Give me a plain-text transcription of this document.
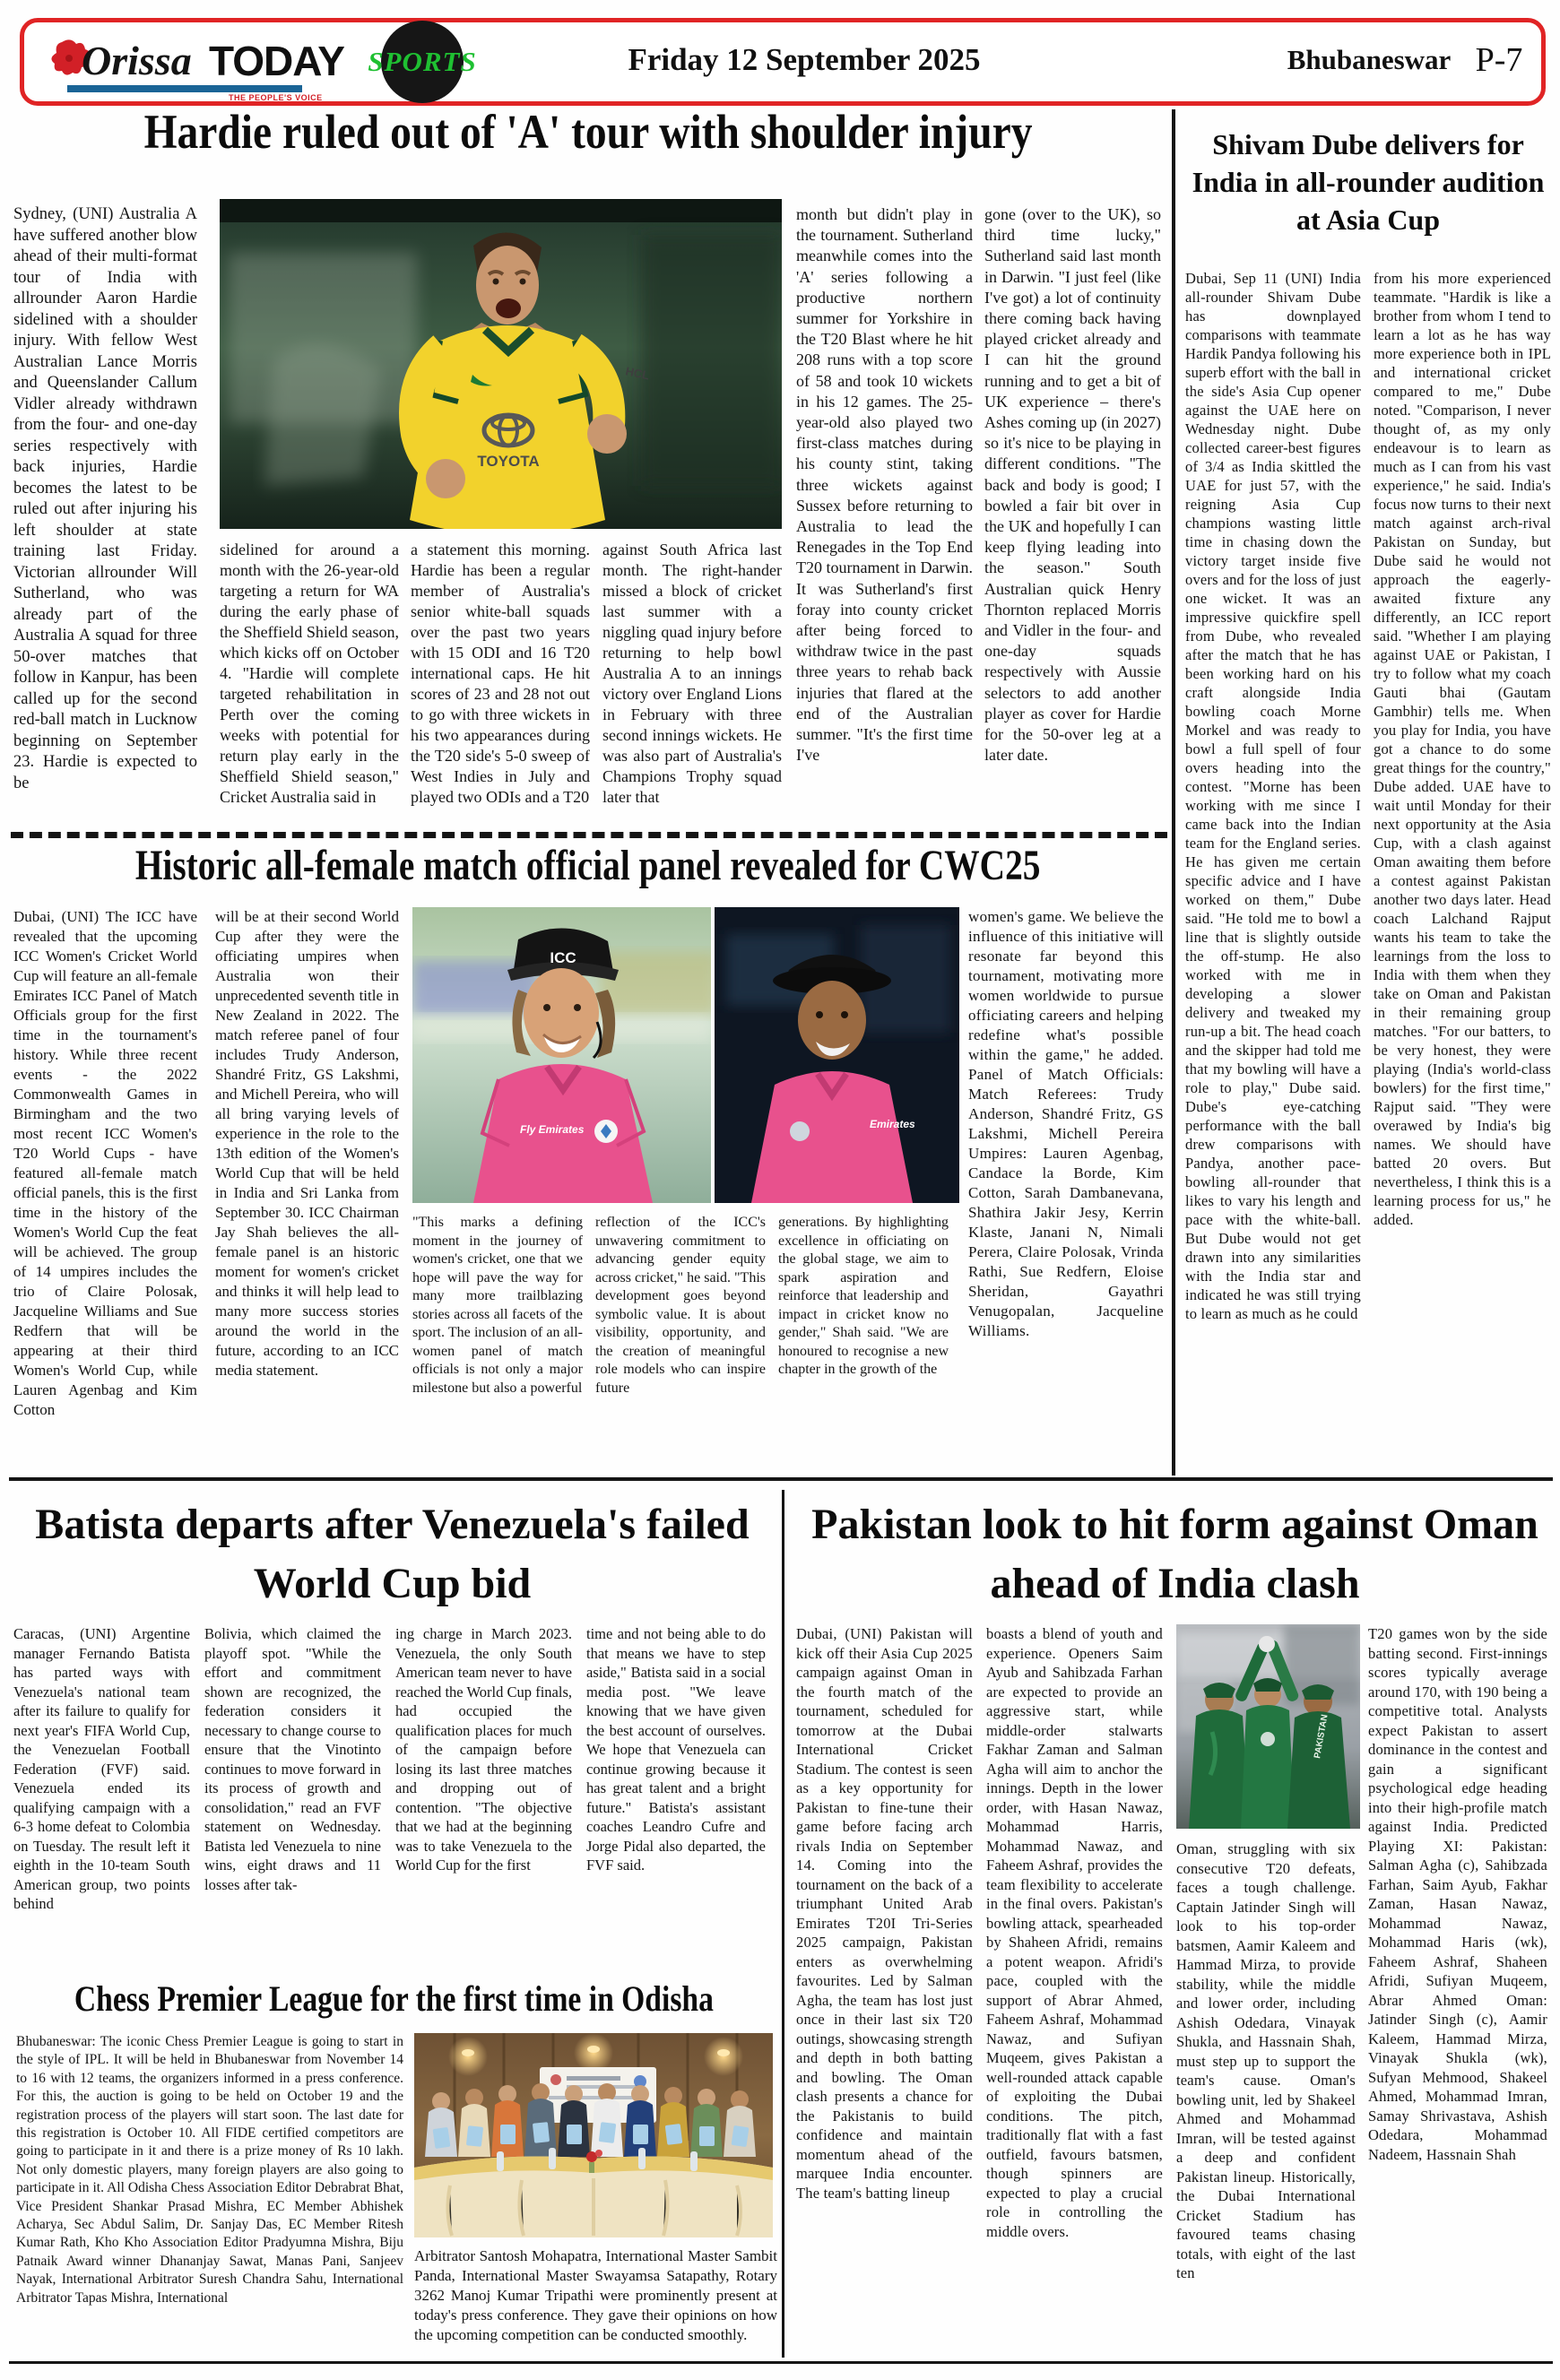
Orissa TODAY
THE PEOPLE'S VOICE
SPORTS	Friday 12 September 2025	Bhubaneswar P-7
Hardie ruled out of 'A' tour with shoulder injury
TOYOTA
HCL
Sydney, (UNI) Australia A have suffered another blow ahead of their multi-format tour of India with allrounder Aaron Hardie sidelined with a shoulder injury. With fellow West Australian Lance Morris and Queenslander Callum Vidler already withdrawn from the four- and one-day series respectively with back injuries, Hardie becomes the latest to be ruled out after injuring his left shoulder at state training last Friday. Victorian allrounder Will Sutherland, who was already part of the Australia A squad for three 50-over matches that follow in Kanpur, has been called up for the second red-ball match in Lucknow beginning on September 23. Hardie is expected to be
sidelined for around a month with the 26-year-old targeting a return for WA during the early phase of the Sheffield Shield season, which kicks off on October 4. "Hardie will complete targeted rehabilitation in Perth over the coming weeks with potential for return play early in the Sheffield Shield season," Cricket Australia said in
a statement this morning. Hardie has been a regular member of Australia's senior white-ball squads over the past two years with 15 ODI and 16 T20 international caps. He hit scores of 23 and 28 not out to go with three wickets in his two appearances during the T20 side's 5-0 sweep of West Indies in July and played two ODIs and a T20
against South Africa last month. The right-hander missed a block of cricket last summer with a niggling quad injury before returning to help bowl Australia A to an innings victory over England Lions in February with three second innings wickets. He was also part of Australia's Champions Trophy squad later that
month but didn't play in the tournament. Sutherland meanwhile comes into the 'A' series following a productive northern summer for Yorkshire in the T20 Blast where he hit 208 runs with a top score of 58 and took 10 wickets in his 12 games. The 25-year-old also played two first-class matches during his county stint, taking three wickets against Sussex before returning to Australia to lead the Renegades in the Top End T20 tournament in Darwin. It was Sutherland's first foray into county cricket after being forced to withdraw twice in the past three years to rehab back injuries that flared at the end of the Australian summer. "It's the first time I've
gone (over to the UK), so third time lucky," Sutherland said last month in Darwin. "I just feel (like I've got) a lot of continuity there coming back having played cricket already and I can hit the ground running and to get a bit of UK experience – there's Ashes coming up (in 2027) so it's nice to be playing in different conditions. "The back and body is good; I bowled a fair bit over in the UK and hopefully I can keep flying leading into the season." South Australian quick Henry Thornton replaced Morris and Vidler in the four- and one-day squads respectively with Aussie selectors to add another player as cover for Hardie for the 50-over leg at a later date.
Shivam Dube delivers for India in all-rounder audition at Asia Cup
Dubai, Sep 11 (UNI) India all-rounder Shivam Dube has downplayed comparisons with teammate Hardik Pandya following his superb effort with the ball in the side's Asia Cup opener against the UAE here on Wednesday night. Dube collected career-best figures of 3/4 as India skittled the UAE for just 57, with the reigning Asia Cup champions wasting little time in chasing down the victory target inside five overs and for the loss of just one wicket. It was an impressive quickfire spell from Dube, who revealed after the match that he has been working hard on his craft alongside India bowling coach Morne Morkel and was ready to bowl a full spell of four overs heading into the contest. "Morne has been working with me since I came back into the Indian team for the England series. He has given me certain specific advice and I have worked on them," Dube said. "He told me to bowl a line that is slightly outside the off-stump. He also worked with me in developing a slower delivery and tweaked my run-up a bit. The head coach and the skipper had told me that my bowling will have a role to play," Dube said. Dube's eye-catching performance with the ball drew comparisons with Pandya, another pace-bowling all-rounder that likes to vary his length and pace with the white-ball. But Dube would not get drawn into any similarities with the India star and indicated he was still trying to learn as much as he could
from his more experienced teammate. "Hardik is like a brother from whom I tend to learn a lot as he has way more experience both in IPL and international cricket compared to me," Dube noted. "Comparison, I never thought of, as my only endeavour is to learn as much as I can from his vast experience," he said. India's focus now turns to their next match against arch-rival Pakistan on Sunday, but Dube said he would not approach the eagerly-awaited fixture any differently, an ICC report said. "Whether I am playing against UAE or Pakistan, I try to follow what my coach Gauti bhai (Gautam Gambhir) tells me. When you play for India, you have got a chance to do some great things for the country," Dube added. UAE have to wait until Monday for their next opportunity at the Asia Cup, with a clash against Oman awaiting them before a contest against Pakistan another two days later. Head coach Lalchand Rajput wants his team to take the learnings from the loss to India with them when they take on Oman and Pakistan in their remaining group matches. "For our batters, to be very honest, they were playing (India's world-class bowlers) for the first time," Rajput said. "They were overawed by India's big names. We should have batted 20 overs. But nevertheless, I think this is a learning process for us," he added.
Historic all-female match official panel revealed for CWC25
ICC
Fly Emirates	Emirates
Dubai, (UNI) The ICC have revealed that the upcoming ICC Women's Cricket World Cup will feature an all-female Emirates ICC Panel of Match Officials group for the first time in the tournament's history. While three recent events - the 2022 Commonwealth Games in Birmingham and the two most recent ICC Women's T20 World Cups - have featured all-female match official panels, this is the first time in the history of the Women's World Cup the feat will be achieved. The group of 14 umpires includes the trio of Claire Polosak, Jacqueline Williams and Sue Redfern that will be appearing at their third Women's World Cup, while Lauren Agenbag and Kim Cotton
will be at their second World Cup after they were the officiating umpires when Australia won their unprecedented seventh title in New Zealand in 2022. The match referee panel of four includes Trudy Anderson, Shandré Fritz, GS Lakshmi, and Michell Pereira, who will all bring varying levels of experience in the role to the 13th edition of the Women's World Cup that will be held in India and Sri Lanka from September 30. ICC Chairman Jay Shah believes the all-female panel is an historic moment for women's cricket and thinks it will help lead to many more success stories around the world in the future, according to an ICC media statement.
"This marks a defining moment in the journey of women's cricket, one that we hope will pave the way for many more trailblazing stories across all facets of the sport. The inclusion of an all-women panel of match officials is not only a major milestone but also a powerful
reflection of the ICC's unwavering commitment to advancing gender equity across cricket," he said. "This development goes beyond symbolic value. It is about visibility, opportunity, and the creation of meaningful role models who can inspire future
generations. By highlighting excellence in officiating on the global stage, we aim to spark aspiration and reinforce that leadership and impact in cricket know no gender," Shah said. "We are honoured to recognise a new chapter in the growth of the
women's game. We believe the influence of this initiative will resonate far beyond this tournament, motivating more women worldwide to pursue officiating careers and helping redefine what's possible within the game," he added. Panel of Match Officials: Match Referees: Trudy Anderson, Shandré Fritz, GS Lakshmi, Michell Pereira Umpires: Lauren Agenbag, Candace la Borde, Kim Cotton, Sarah Dambanevana, Shathira Jakir Jesy, Kerrin Klaste, Janani N, Nimali Perera, Claire Polosak, Vrinda Rathi, Sue Redfern, Eloise Sheridan, Gayathri Venugopalan, Jacqueline Williams.
Batista departs after Venezuela's failed World Cup bid
Caracas, (UNI) Argentine manager Fernando Batista has parted ways with Venezuela's national team after its failure to qualify for next year's FIFA World Cup, the Venezuelan Football Federation (FVF) said. Venezuela ended its qualifying campaign with a 6-3 home defeat to Colombia on Tuesday. The result left it eighth in the 10-team South American group, two points behind
Bolivia, which claimed the playoff spot. "While the effort and commitment shown are recognized, the federation considers it necessary to change course to ensure that the Vinotinto continues to move forward in its process of growth and consolidation," read an FVF statement on Wednesday. Batista led Venezuela to nine wins, eight draws and 11 losses after tak-
ing charge in March 2023. Venezuela, the only South American team never to have reached the World Cup finals, had occupied the qualification places for much of the campaign before losing its last three matches and dropping out of contention. "The objective that we had at the beginning was to take Venezuela to the World Cup for the first
time and not being able to do that means we have to step aside," Batista said in a social media post. "We leave knowing that we have given the best account of ourselves. We hope that Venezuela can continue growing because it has great talent and a bright future." Batista's assistant coaches Leandro Cufre and Jorge Pidal also departed, the FVF said.
Chess Premier League for the first time in Odisha
Bhubaneswar: The iconic Chess Premier League is going to start in the style of IPL. It will be held in Bhubaneswar from November 14 to 16 with 12 teams, the organizers informed in a press conference. For this, the auction is going to be held on October 19 and the registration process of the players will start soon. The last date for this registration is October 10. All FIDE certified competitors are going to participate in it and there is a prize money of Rs 10 lakh. Not only domestic players, many foreign players are also going to participate in it. All Odisha Chess Association Editor Debrabrat Bhat, Vice President Shankar Prasad Mishra, EC Member Abhishek Acharya, Sec Abdul Salim, Dr. Sanjay Das, EC Member Ritesh Kumar Rath, Kho Kho Association Editor Pradyumna Mishra, Biju Patnaik Award winner Dhananjay Sawat, Manas Pani, Sanjeev Nayak, International Arbitrator Suresh Chandra Sahu, International Arbitrator Tapas Mishra, International
Arbitrator Santosh Mohapatra, International Master Sambit Panda, International Master Swayamsa Satapathy, Rotary 3262 Manoj Kumar Tripathi were prominently present at today's press conference. They gave their opinions on how the upcoming competition can be conducted smoothly.
Pakistan look to hit form against Oman ahead of India clash
PAKISTAN
Dubai, (UNI) Pakistan will kick off their Asia Cup 2025 campaign against Oman in the fourth match of the tournament, scheduled for tomorrow at the Dubai International Cricket Stadium. The contest is seen as a key opportunity for Pakistan to fine-tune their game before facing arch rivals India on September 14. Coming into the tournament on the back of a triumphant United Arab Emirates T20I Tri-Series 2025 campaign, Pakistan enters as overwhelming favourites. Led by Salman Agha, the team has lost just once in their last six T20 outings, showcasing strength and depth in both batting and bowling. The Oman clash presents a chance for the Pakistanis to build confidence and maintain momentum ahead of the marquee India encounter. The team's batting lineup
boasts a blend of youth and experience. Openers Saim Ayub and Sahibzada Farhan are expected to provide an aggressive start, while middle-order stalwarts Fakhar Zaman and Salman Agha will aim to anchor the innings. Depth in the lower order, with Hasan Nawaz, Mohammad Harris, Mohammad Nawaz, and Faheem Ashraf, provides the team flexibility to accelerate in the final overs. Pakistan's bowling attack, spearheaded by Shaheen Afridi, remains a potent weapon. Afridi's pace, coupled with the support of Abrar Ahmed, Faheem Ashraf, Mohammad Nawaz, and Sufiyan Muqeem, gives Pakistan a well-rounded attack capable of exploiting the Dubai conditions. The pitch, traditionally flat with a fast outfield, favours batsmen, though spinners are expected to play a crucial role in controlling the middle overs.
Oman, struggling with six consecutive T20 defeats, faces a tough challenge. Captain Jatinder Singh will look to his top-order batsmen, Aamir Kaleem and Hammad Mirza, to provide stability, while the middle and lower order, including Ashish Odedara, Vinayak Shukla, and Hassnain Shah, must step up to support the team's cause. Oman's bowling unit, led by Shakeel Ahmed and Mohammad Imran, will be tested against a deep and confident Pakistan lineup. Historically, the Dubai International Cricket Stadium has favoured teams chasing totals, with eight of the last ten
T20 games won by the side batting second. First-innings scores typically average around 170, with 190 being a competitive total. Analysts expect Pakistan to assert dominance in the contest and gain a significant psychological edge heading into their high-profile match against India. Predicted Playing XI: Pakistan: Salman Agha (c), Sahibzada Farhan, Saim Ayub, Fakhar Zaman, Hasan Nawaz, Mohammad Nawaz, Mohammad Haris (wk), Faheem Ashraf, Shaheen Afridi, Sufiyan Muqeem, Abrar Ahmed Oman: Jatinder Singh (c), Aamir Kaleem, Hammad Mirza, Vinayak Shukla (wk), Sufyan Mehmood, Shakeel Ahmed, Mohammad Imran, Samay Shrivastava, Ashish Odedara, Mohammad Nadeem, Hassnain Shah
